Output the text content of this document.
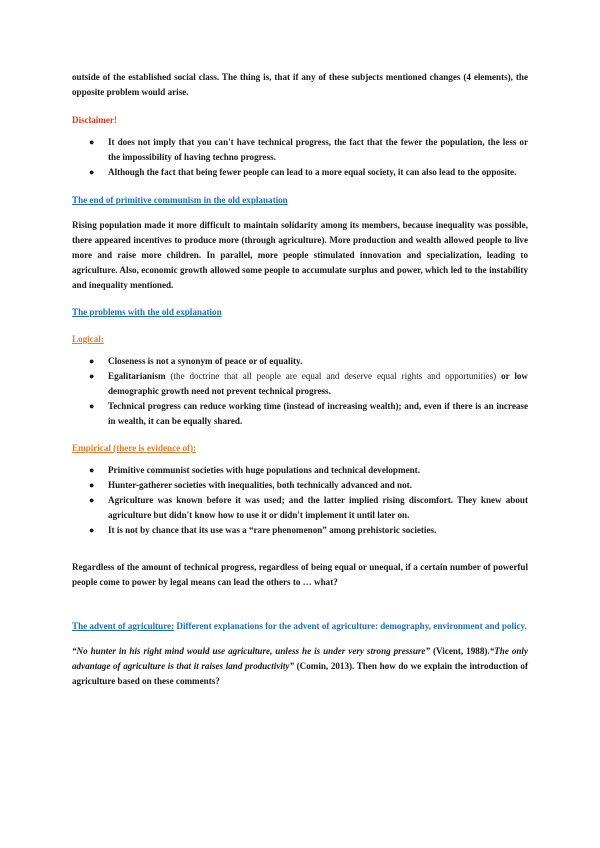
outside of the established social class. The thing is, that if any of these subjects mentioned changes (4 elements), the opposite problem would arise.

Disclaimer!

● It does not imply that you can't have technical progress, the fact that the fewer the population, the less or the impossibility of having techno progress.
● Although the fact that being fewer people can lead to a more equal society, it can also lead to the opposite.

The end of primitive communism in the old explanation

Rising population made it more difficult to maintain solidarity among its members, because inequality was possible, there appeared incentives to produce more (through agriculture). More production and wealth allowed people to live more and raise more children. In parallel, more people stimulated innovation and specialization, leading to agriculture. Also, economic growth allowed some people to accumulate surplus and power, which led to the instability and inequality mentioned.

The problems with the old explanation

Logical:

● Closeness is not a synonym of peace or of equality.
● Egalitarianism (the doctrine that all people are equal and deserve equal rights and opportunities) or low demographic growth need not prevent technical progress.
● Technical progress can reduce working time (instead of increasing wealth); and, even if there is an increase in wealth, it can be equally shared.

Empirical (there is evidence of):

● Primitive communist societies with huge populations and technical development.
● Hunter-gatherer societies with inequalities, both technically advanced and not.
● Agriculture was known before it was used; and the latter implied rising discomfort. They knew about agriculture but didn't know how to use it or didn't implement it until later on.
● It is not by chance that its use was a “rare phenomenon” among prehistoric societies.

Regardless of the amount of technical progress, regardless of being equal or unequal, if a certain number of powerful people come to power by legal means can lead the others to … what?

The advent of agriculture: Different explanations for the advent of agriculture: demography, environment and policy.

“No hunter in his right mind would use agriculture, unless he is under very strong pressure” (Vicent, 1988).“The only advantage of agriculture is that it raises land productivity” (Comin, 2013). Then how do we explain the introduction of agriculture based on these comments?
